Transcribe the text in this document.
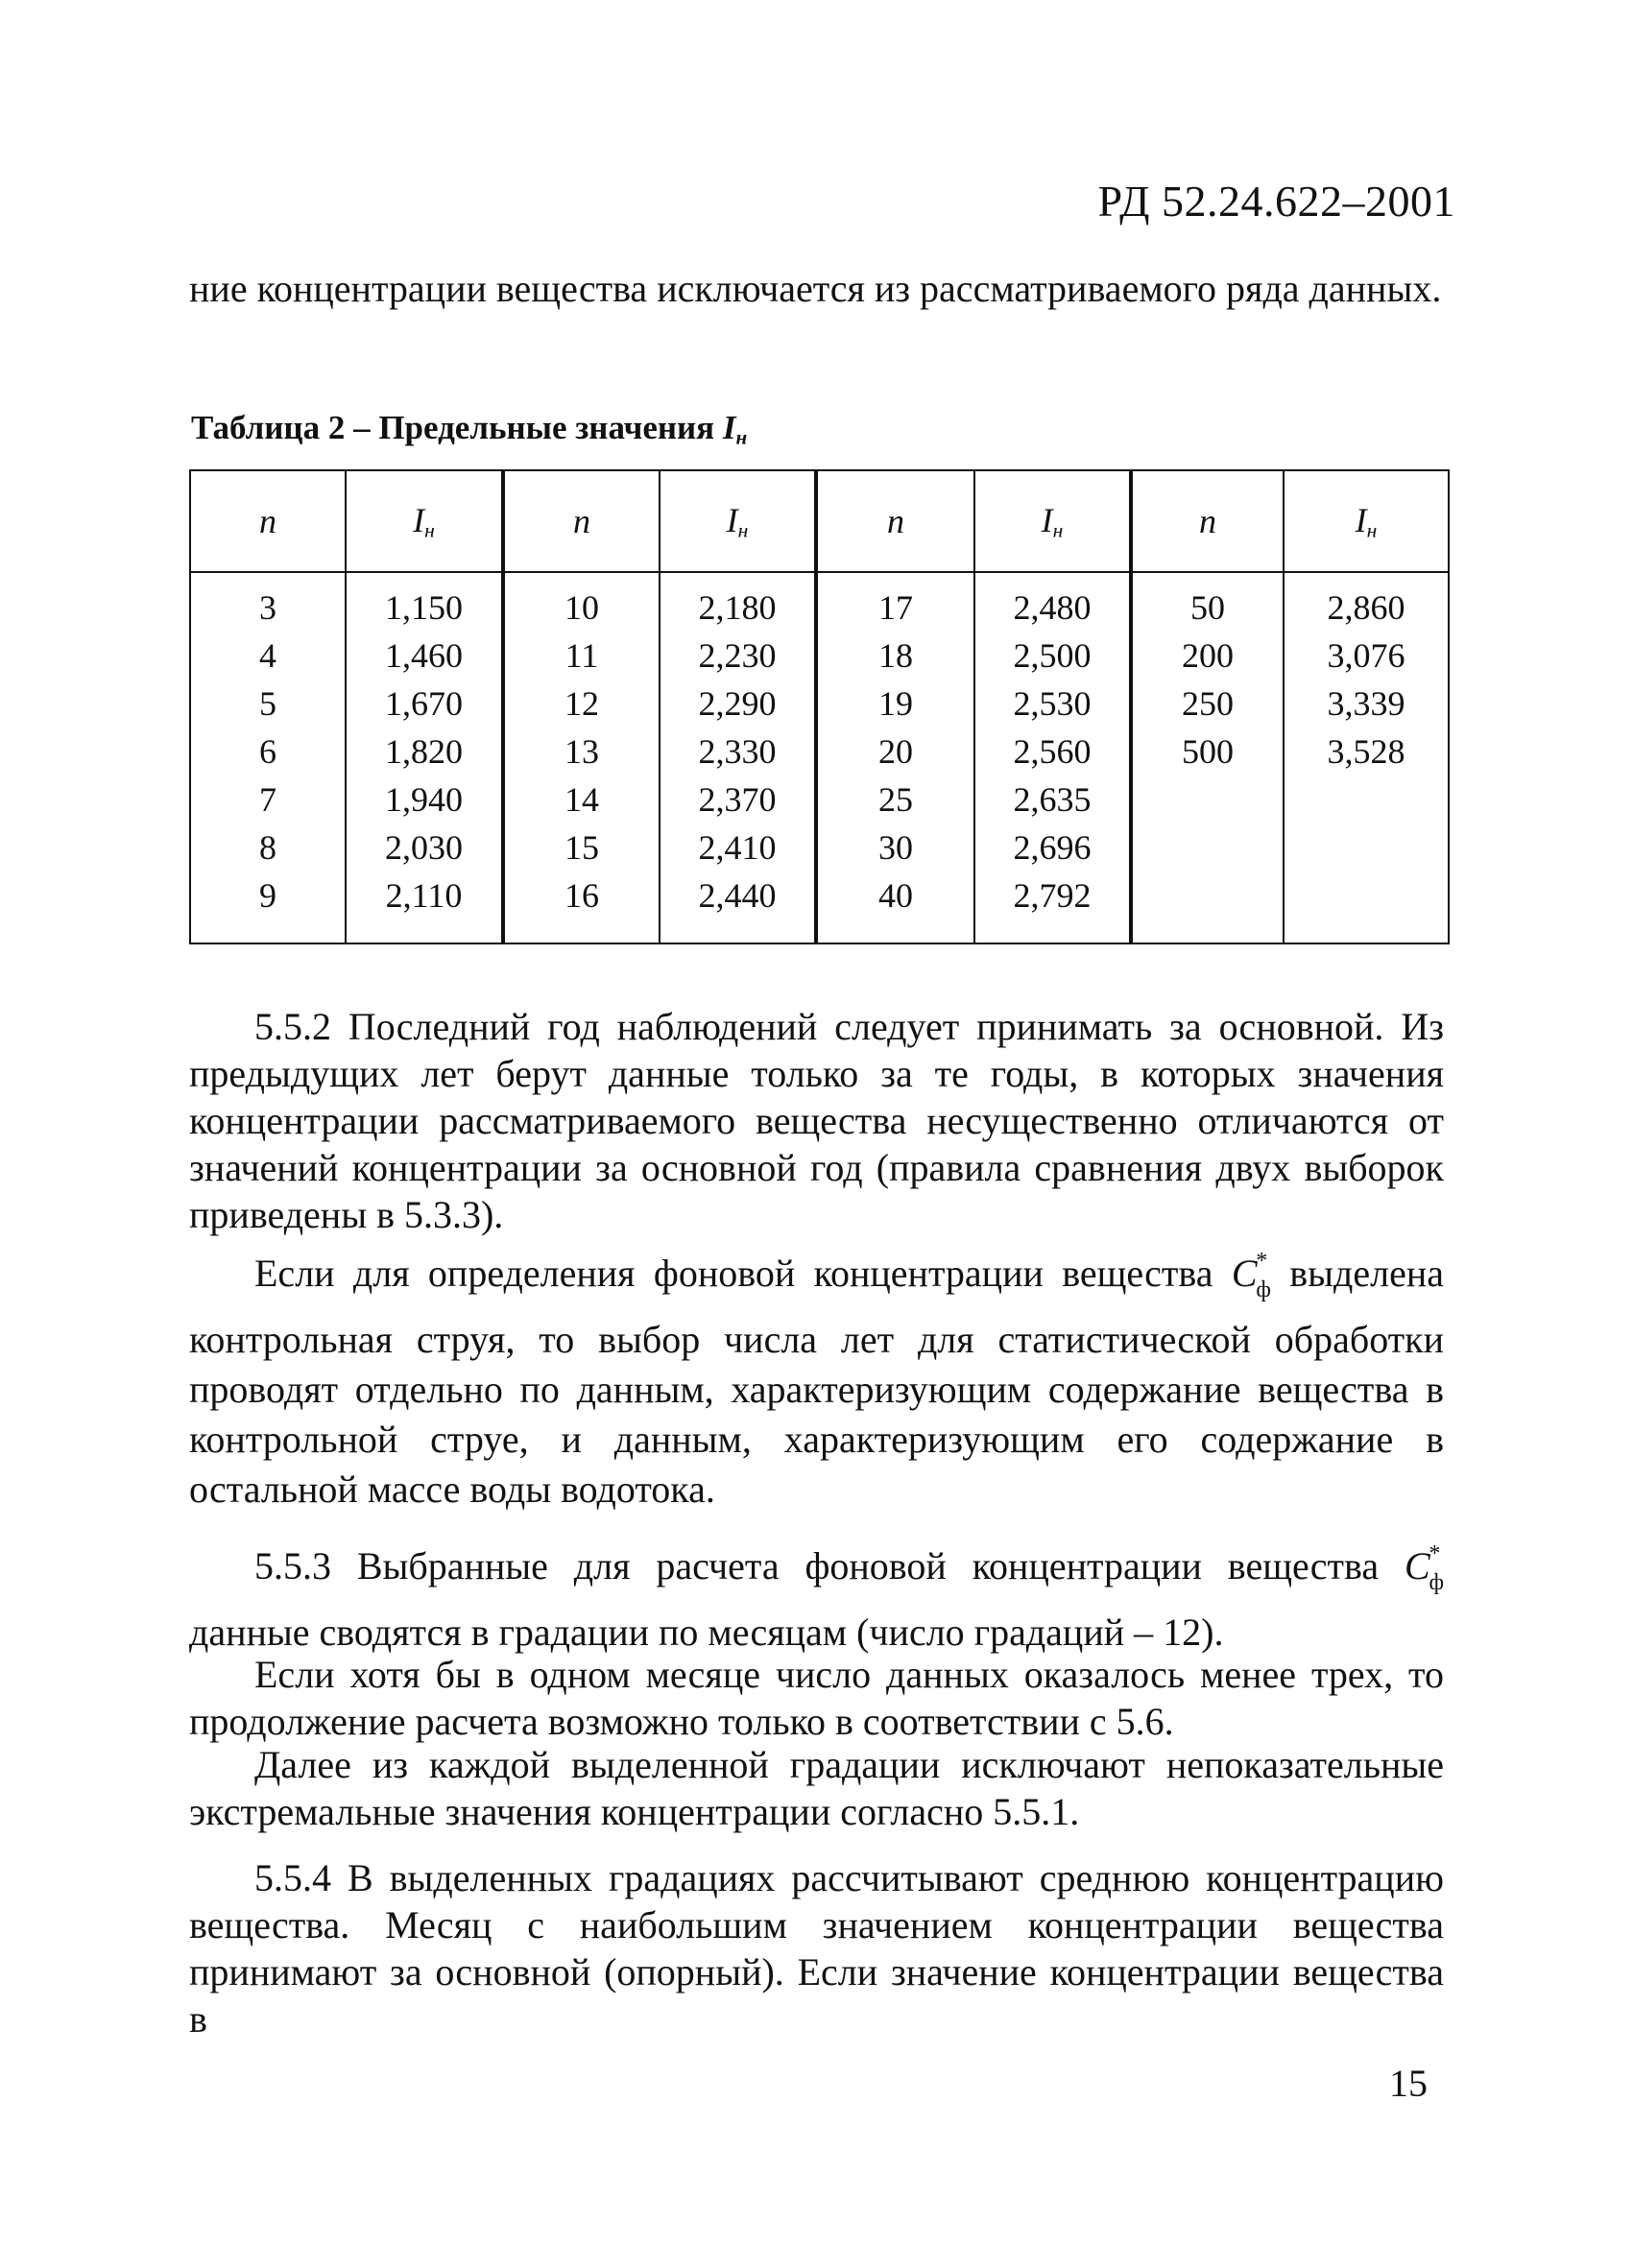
РД 52.24.622–2001

ние концентрации вещества исключается из рассматриваемого ряда данных.

Таблица 2 – Предельные значения $I_н$

n	$I_н$	n	$I_н$	n	$I_н$	n	$I_н$
3	1,150	10	2,180	17	2,480	50	2,860
4	1,460	11	2,230	18	2,500	200	3,076
5	1,670	12	2,290	19	2,530	250	3,339
6	1,820	13	2,330	20	2,560	500	3,528
7	1,940	14	2,370	25	2,635		
8	2,030	15	2,410	30	2,696		
9	2,110	16	2,440	40	2,792		

5.5.2 Последний год наблюдений следует принимать за основной. Из предыдущих лет берут данные только за те годы, в которых значения концентрации рассматриваемого вещества несущественно отличаются от значений концентрации за основной год (правила сравнения двух выборок приведены в 5.3.3).

Если для определения фоновой концентрации вещества $C^*_ф$ выделена контрольная струя, то выбор числа лет для статистической обработки проводят отдельно по данным, характеризующим содержание вещества в контрольной струе, и данным, характеризующим его содержание в остальной массе воды водотока.

5.5.3 Выбранные для расчета фоновой концентрации вещества $C^*_ф$ данные сводятся в градации по месяцам (число градаций – 12).

Если хотя бы в одном месяце число данных оказалось менее трех, то продолжение расчета возможно только в соответствии с 5.6.

Далее из каждой выделенной градации исключают непоказательные экстремальные значения концентрации согласно 5.5.1.

5.5.4 В выделенных градациях рассчитывают среднюю концентрацию вещества. Месяц с наибольшим значением концентрации вещества принимают за основной (опорный). Если значение концентрации вещества в

15
